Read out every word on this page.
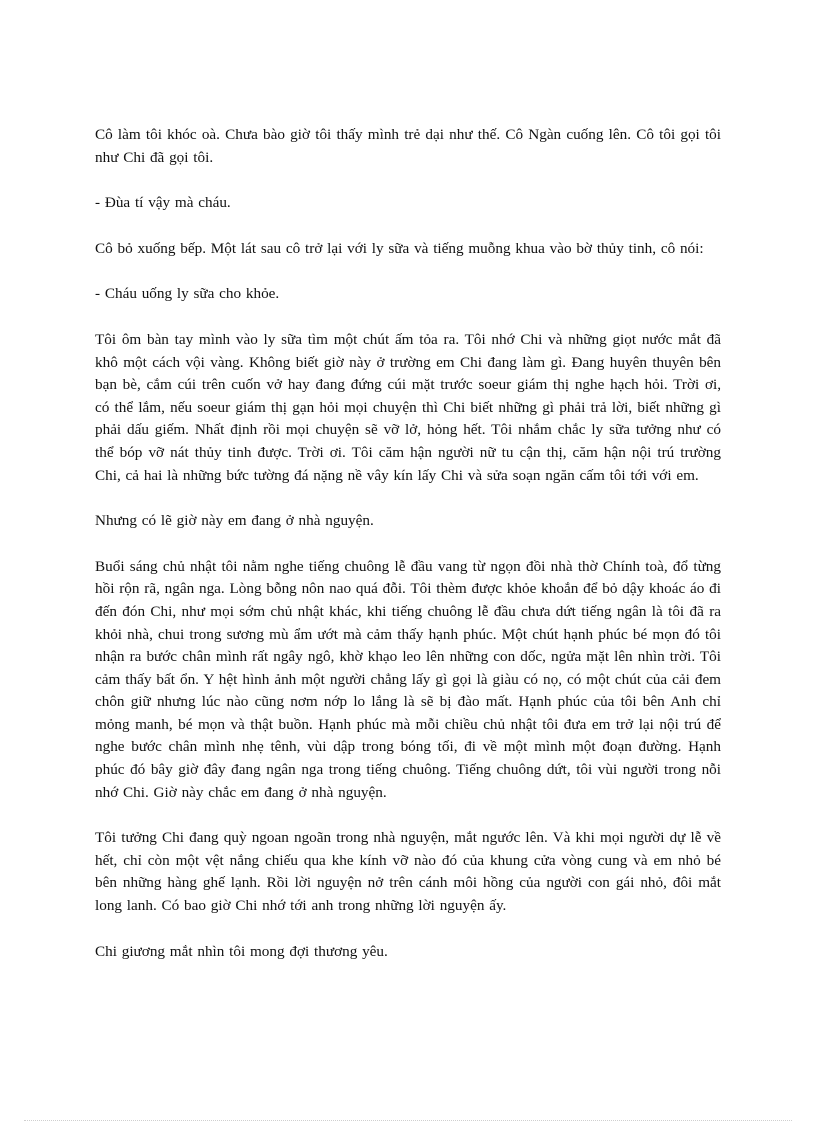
Cô làm tôi khóc oà. Chưa bào giờ tôi thấy mình trẻ dại như thế. Cô Ngàn cuống lên. Cô tôi gọi tôi như Chi đã gọi tôi.

- Đùa tí vậy mà cháu.

Cô bỏ xuống bếp. Một lát sau cô trở lại với ly sữa và tiếng muỗng khua vào bờ thủy tinh, cô nói:

- Cháu uống ly sữa cho khỏe.

Tôi ôm bàn tay mình vào ly sữa tìm một chút ấm tỏa ra. Tôi nhớ Chi và những giọt nước mắt đã khô một cách vội vàng. Không biết giờ này ở trường em Chi đang làm gì. Đang huyên thuyên bên bạn bè, cắm cúi trên cuốn vở hay đang đứng cúi mặt trước soeur giám thị nghe hạch hỏi. Trời ơi, có thể lắm, nếu soeur giám thị gạn hỏi mọi chuyện thì Chi biết những gì phải trả lời, biết những gì phải dấu giếm. Nhất định rồi mọi chuyện sẽ vỡ lở, hỏng hết. Tôi nhắm chắc ly sữa tưởng như có thể bóp vỡ nát thủy tinh được. Trời ơi. Tôi căm hận người nữ tu cận thị, căm hận nội trú trường Chi, cả hai là những bức tường đá nặng nề vây kín lấy Chi và sửa soạn ngăn cấm tôi tới với em.

Nhưng có lẽ giờ này em đang ở nhà nguyện.

Buổi sáng chủ nhật tôi nằm nghe tiếng chuông lễ đầu vang từ ngọn đồi nhà thờ Chính toà, đổ từng hồi rộn rã, ngân nga. Lòng bỗng nôn nao quá đỗi. Tôi thèm được khỏe khoắn để bỏ dậy khoác áo đi đến đón Chi, như mọi sớm chủ nhật khác, khi tiếng chuông lễ đầu chưa dứt tiếng ngân là tôi đã ra khỏi nhà, chui trong sương mù ẩm ướt mà cảm thấy hạnh phúc. Một chút hạnh phúc bé mọn đó tôi nhận ra bước chân mình rất ngây ngô, khờ khạo leo lên những con dốc, ngửa mặt lên nhìn trời. Tôi cảm thấy bất ổn. Y hệt hình ảnh một người chẳng lấy gì gọi là giàu có nọ, có một chút của cải đem chôn giữ nhưng lúc nào cũng nơm nớp lo lắng là sẽ bị đào mất. Hạnh phúc của tôi bên Anh chỉ mỏng manh, bé mọn và thật buồn. Hạnh phúc mà mỗi chiều chủ nhật tôi đưa em trở lại nội trú để nghe bước chân mình nhẹ tênh, vùi dập trong bóng tối, đi về một mình một đoạn đường. Hạnh phúc đó bây giờ đây đang ngân nga trong tiếng chuông. Tiếng chuông dứt, tôi vùi người trong nỗi nhớ Chi. Giờ này chắc em đang ở nhà nguyện.

Tôi tưởng Chi đang quỳ ngoan ngoãn trong nhà nguyện, mắt ngước lên. Và khi mọi người dự lễ về hết, chỉ còn một vệt nắng chiếu qua khe kính vỡ nào đó của khung cửa vòng cung và em nhỏ bé bên những hàng ghế lạnh. Rồi lời nguyện nở trên cánh môi hồng của người con gái nhỏ, đôi mắt long lanh. Có bao giờ Chi nhớ tới anh trong những lời nguyện ấy.

Chi giương mắt nhìn tôi mong đợi thương yêu.
